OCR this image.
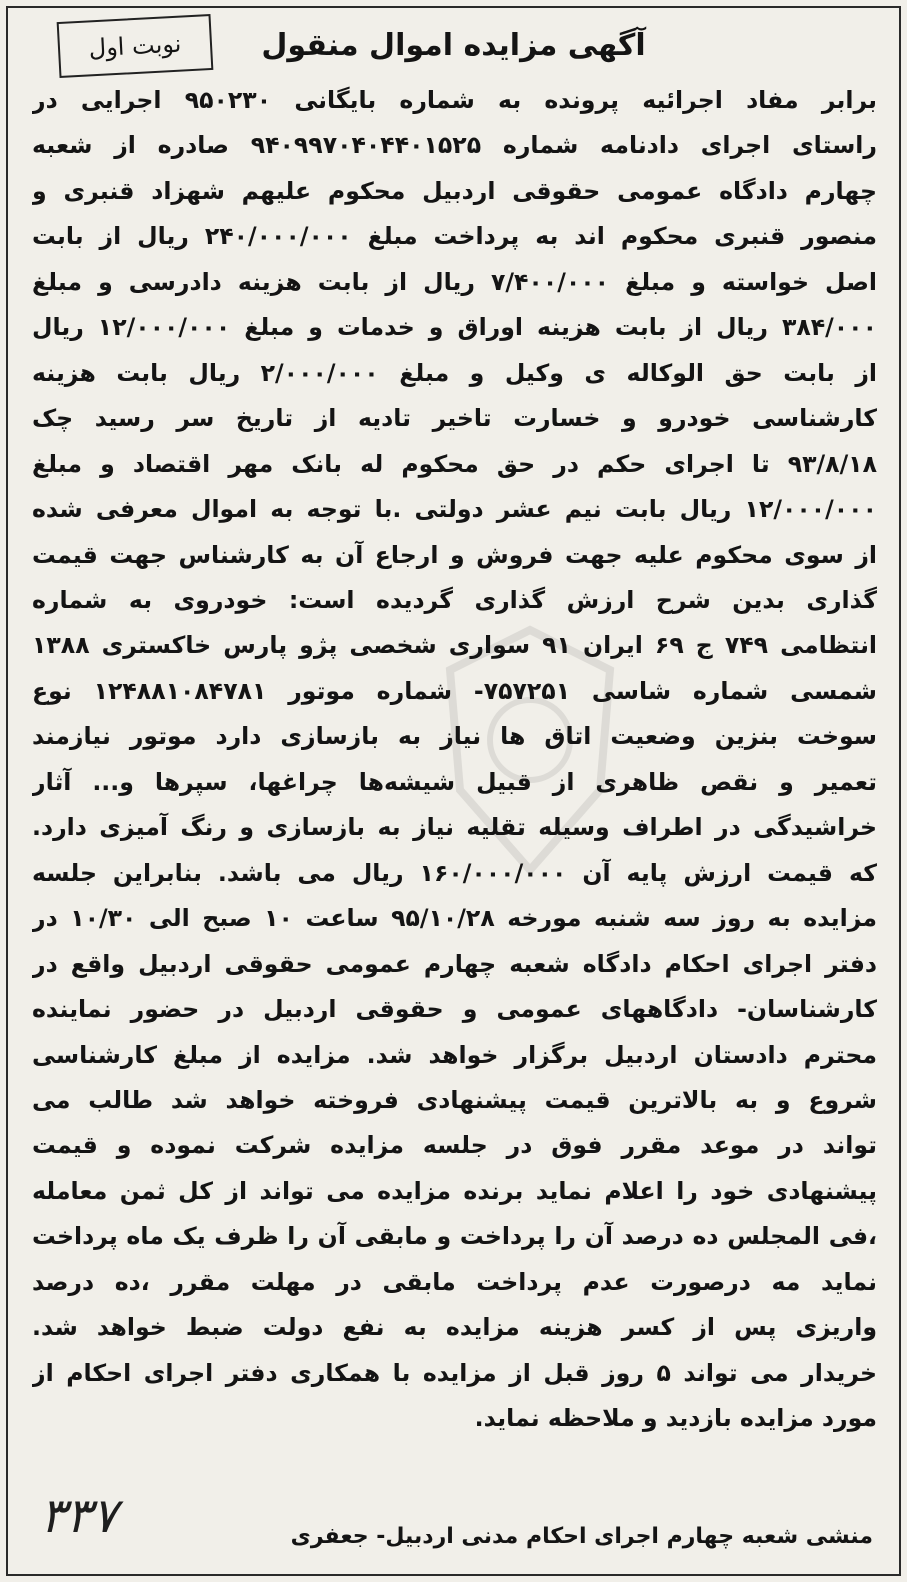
نوبت اول	آگهی مزایده اموال منقول
برابر مفاد اجرائیه پرونده به شماره بایگانی ۹۵۰۲۳۰ اجرایی در
راستای اجرای دادنامه شماره ۹۴۰۹۹۷۰۴۰۴۴۰۱۵۲۵ صادره از شعبه
چهارم دادگاه عمومی حقوقی اردبیل محکوم علیهم شهزاد قنبری و
منصور قنبری محکوم اند به پرداخت مبلغ ۲۴۰/۰۰۰/۰۰۰ ریال از بابت
اصل خواسته و مبلغ ۷/۴۰۰/۰۰۰ ریال از بابت هزینه دادرسی و مبلغ
۳۸۴/۰۰۰ ریال از بابت هزینه اوراق و خدمات و مبلغ ۱۲/۰۰۰/۰۰۰ ریال
از بابت حق الوکاله ی وکیل و مبلغ ۲/۰۰۰/۰۰۰ ریال بابت هزینه
کارشناسی خودرو و خسارت تاخیر تادیه از تاریخ سر رسید چک
۹۳/۸/۱۸ تا اجرای حکم در حق محکوم له بانک مهر اقتصاد و مبلغ
۱۲/۰۰۰/۰۰۰ ریال بابت نیم عشر دولتی .با توجه به اموال معرفی شده
از سوی محکوم علیه جهت فروش و ارجاع آن به کارشناس جهت قیمت
گذاری بدین شرح ارزش گذاری گردیده است: خودروی به شماره
انتظامی ۷۴۹ ج ۶۹ ایران ۹۱ سواری شخصی پژو پارس خاکستری ۱۳۸۸
شمسی شماره شاسی ۷۵۷۲۵۱- شماره موتور ۱۲۴۸۸۱۰۸۴۷۸۱ نوع
سوخت بنزین وضعیت اتاق ها نیاز به بازسازی دارد موتور نیازمند
تعمیر و نقص ظاهری از قبیل شیشه‌ها چراغها، سپرها و... آثار
خراشیدگی در اطراف وسیله تقلیه نیاز به بازسازی و رنگ آمیزی دارد.
که قیمت ارزش پایه آن ۱۶۰/۰۰۰/۰۰۰ ریال می باشد. بنابراین جلسه
مزایده به روز سه شنبه مورخه ۹۵/۱۰/۲۸ ساعت ۱۰ صبح الی ۱۰/۳۰ در
دفتر اجرای احکام دادگاه شعبه چهارم عمومی حقوقی اردبیل واقع در
کارشناسان- دادگاههای عمومی و حقوقی اردبیل در حضور نماینده
محترم دادستان اردبیل برگزار خواهد شد. مزایده از مبلغ کارشناسی
شروع و به بالاترین قیمت پیشنهادی فروخته خواهد شد طالب می
تواند در موعد مقرر فوق در جلسه مزایده شرکت نموده و قیمت
پیشنهادی خود را اعلام نماید برنده مزایده می تواند از کل ثمن معامله
،فی المجلس ده درصد آن را پرداخت و مابقی آن را ظرف یک ماه پرداخت
نماید مه درصورت عدم پرداخت مابقی در مهلت مقرر ،ده درصد
واریزی پس از کسر هزینه مزایده به نفع دولت ضبط خواهد شد.
خریدار می تواند ۵ روز قبل از مزایده با همکاری دفتر اجرای احکام از
مورد مزایده بازدید و ملاحظه نماید.
۳۳۷	منشی شعبه چهارم اجرای احکام مدنی اردبیل- جعفری
